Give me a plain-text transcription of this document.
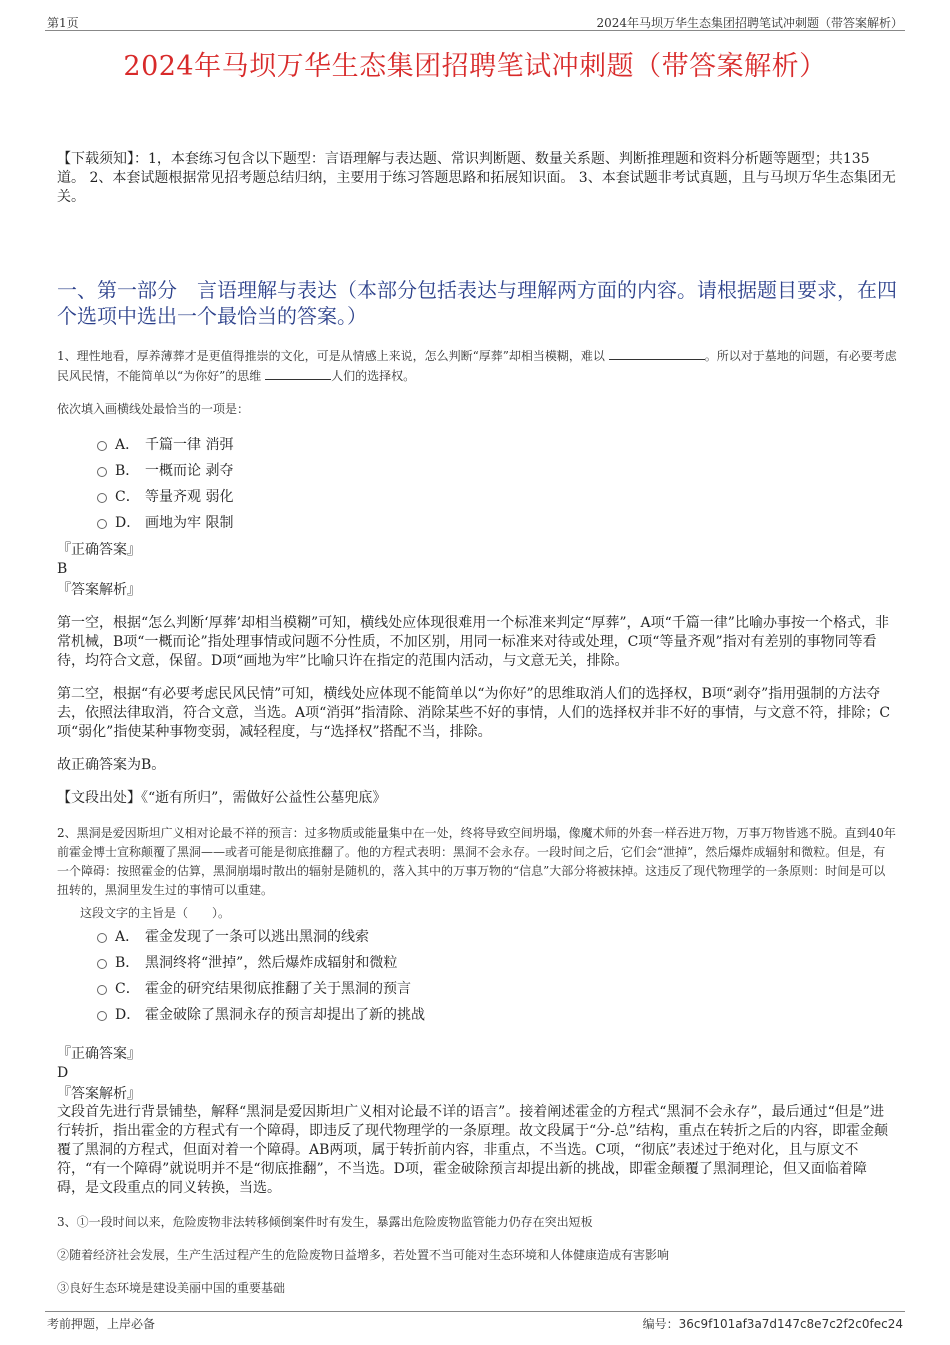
第1页	2024年马坝万华生态集团招聘笔试冲刺题（带答案解析）
2024年马坝万华生态集团招聘笔试冲刺题（带答案解析）
【下载须知】：1，本套练习包含以下题型：言语理解与表达题、常识判断题、数量关系题、判断推理题和资料分析题等题型；共135道。 2、本套试题根据常见招考题总结归纳，主要用于练习答题思路和拓展知识面。 3、本套试题非考试真题，且与马坝万华生态集团无关。
一、第一部分　言语理解与表达（本部分包括表达与理解两方面的内容。请根据题目要求，在四个选项中选出一个最恰当的答案。）
1、理性地看，厚养薄葬才是更值得推崇的文化，可是从情感上来说，怎么判断“厚葬”却相当模糊，难以	。所以对于墓地的问题，有必要考虑民风民情，不能简单以“为你好”的思维	人们的选择权。
依次填入画横线处最恰当的一项是：
A． 千篇一律 消弭
B． 一概而论 剥夺
C． 等量齐观 弱化
D． 画地为牢 限制
『正确答案』
B
『答案解析』
第一空，根据“怎么判断‘厚葬’却相当模糊”可知，横线处应体现很难用一个标准来判定“厚葬”，A项“千篇一律”比喻办事按一个格式，非常机械，B项“一概而论”指处理事情或问题不分性质，不加区别，用同一标准来对待或处理，C项“等量齐观”指对有差别的事物同等看待，均符合文意，保留。D项“画地为牢”比喻只许在指定的范围内活动，与文意无关，排除。
第二空，根据“有必要考虑民风民情”可知，横线处应体现不能简单以“为你好”的思维取消人们的选择权，B项“剥夺”指用强制的方法夺去，依照法律取消，符合文意，当选。A项“消弭”指清除、消除某些不好的事情，人们的选择权并非不好的事情，与文意不符，排除；C项“弱化”指使某种事物变弱，减轻程度，与“选择权”搭配不当，排除。
故正确答案为B。
【文段出处】《“逝有所归”，需做好公益性公墓兜底》
2、黑洞是爱因斯坦广义相对论最不祥的预言：过多物质或能量集中在一处，终将导致空间坍塌，像魔术师的外套一样吞进万物，万事万物皆逃不脱。直到40年前霍金博士宣称颠覆了黑洞——或者可能是彻底推翻了。他的方程式表明：黑洞不会永存。一段时间之后，它们会“泄掉”，然后爆炸成辐射和微粒。但是，有一个障碍：按照霍金的估算，黑洞崩塌时散出的辐射是随机的，落入其中的万事万物的“信息”大部分将被抹掉。这违反了现代物理学的一条原则：时间是可以扭转的，黑洞里发生过的事情可以重建。
这段文字的主旨是（　　）。
A． 霍金发现了一条可以逃出黑洞的线索
B． 黑洞终将“泄掉”，然后爆炸成辐射和微粒
C． 霍金的研究结果彻底推翻了关于黑洞的预言
D． 霍金破除了黑洞永存的预言却提出了新的挑战
『正确答案』
D
『答案解析』
文段首先进行背景铺垫，解释“黑洞是爱因斯坦广义相对论最不详的语言”。接着阐述霍金的方程式“黑洞不会永存”，最后通过“但是”进行转折，指出霍金的方程式有一个障碍，即违反了现代物理学的一条原理。故文段属于“分-总”结构，重点在转折之后的内容，即霍金颠覆了黑洞的方程式，但面对着一个障碍。AB两项，属于转折前内容，非重点，不当选。C项，“彻底”表述过于绝对化，且与原文不符，“有一个障碍”就说明并不是“彻底推翻”，不当选。D项，霍金破除预言却提出新的挑战，即霍金颠覆了黑洞理论，但又面临着障碍，是文段重点的同义转换，当选。
3、①一段时间以来，危险废物非法转移倾倒案件时有发生，暴露出危险废物监管能力仍存在突出短板
②随着经济社会发展，生产生活过程产生的危险废物日益增多，若处置不当可能对生态环境和人体健康造成有害影响
③良好生态环境是建设美丽中国的重要基础
考前押题，上岸必备	编号：36c9f101af3a7d147c8e7c2f2c0fec24
